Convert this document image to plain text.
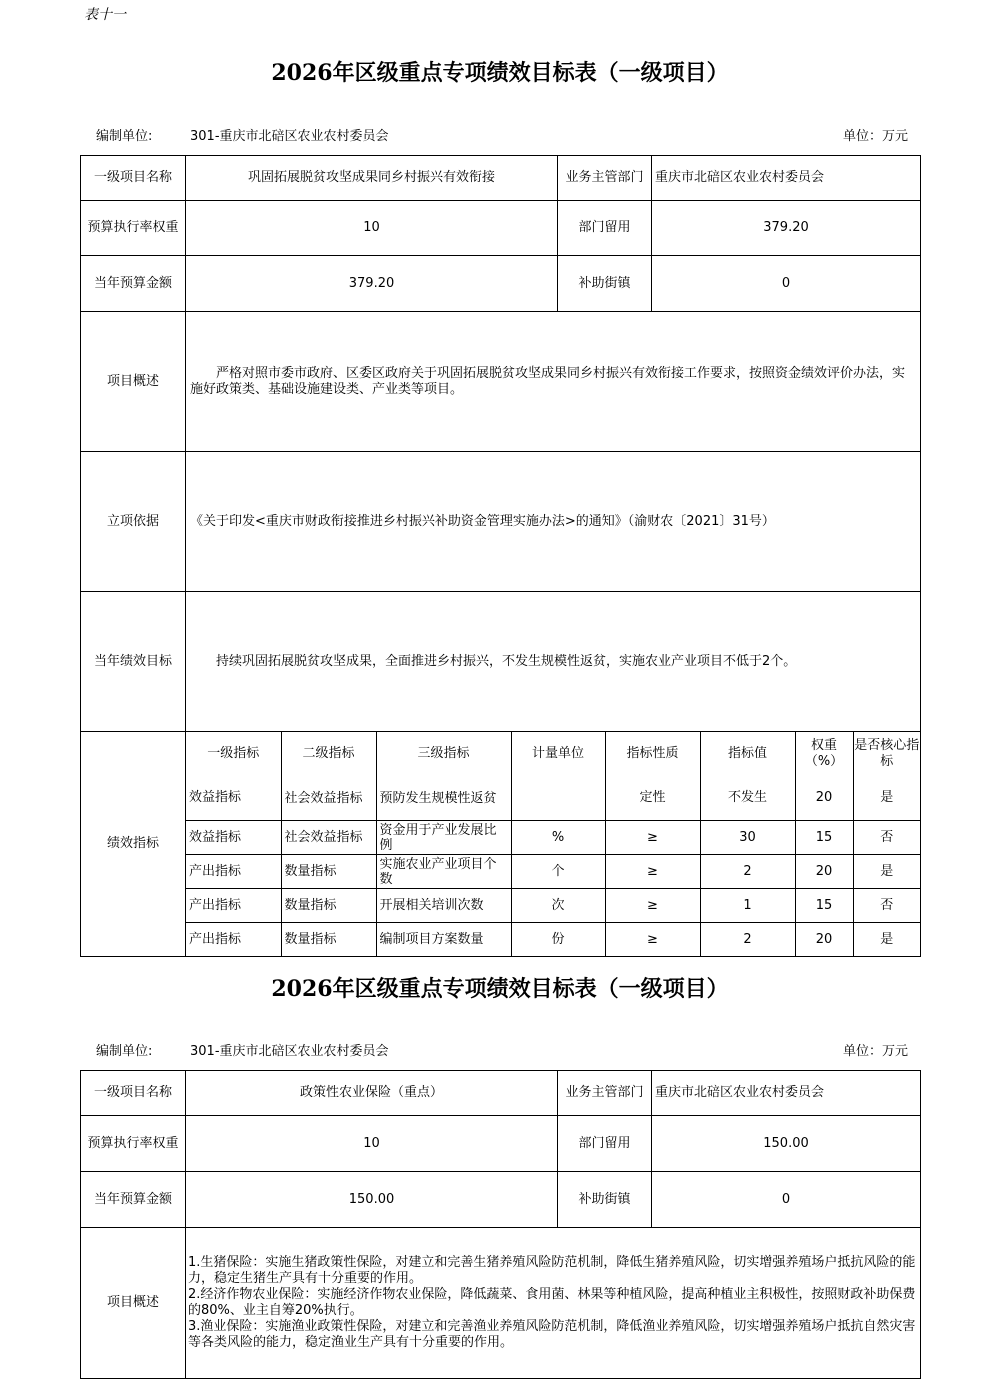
表十一
2026年区级重点专项绩效目标表（一级项目）
编制单位:	301-重庆市北碚区农业农村委员会	单位：万元
一级项目名称	巩固拓展脱贫攻坚成果同乡村振兴有效衔接	业务主管部门	重庆市北碚区农业农村委员会
预算执行率权重	10	部门留用	379.20
当年预算金额	379.20	补助街镇	0
项目概述	　　严格对照市委市政府、区委区政府关于巩固拓展脱贫攻坚成果同乡村振兴有效衔接工作要求，按照资金绩效评价办法，实施好政策类、基础设施建设类、产业类等项目。
立项依据	《关于印发<重庆市财政衔接推进乡村振兴补助资金管理实施办法>的通知》（渝财农〔2021〕31号）
当年绩效目标	　　持续巩固拓展脱贫攻坚成果，全面推进乡村振兴，不发生规模性返贫，实施农业产业项目不低于2个。
绩效指标	
一级指标	二级指标	三级指标	计量单位	指标性质	指标值	权重（%）	是否核心指标
效益指标	社会效益指标	预防发生规模性返贫		定性	不发生	20	是
效益指标	社会效益指标	资金用于产业发展比例	%	≥	30	15	否
产出指标	数量指标	实施农业产业项目个数	个	≥	2	20	是
产出指标	数量指标	开展相关培训次数	次	≥	1	15	否
产出指标	数量指标	编制项目方案数量	份	≥	2	20	是
2026年区级重点专项绩效目标表（一级项目）
编制单位:	301-重庆市北碚区农业农村委员会	单位：万元
一级项目名称	政策性农业保险（重点）	业务主管部门	重庆市北碚区农业农村委员会
预算执行率权重	10	部门留用	150.00
当年预算金额	150.00	补助街镇	0
项目概述	1.生猪保险：实施生猪政策性保险，对建立和完善生猪养殖风险防范机制，降低生猪养殖风险，切实增强养殖场户抵抗风险的能力，稳定生猪生产具有十分重要的作用。
2.经济作物农业保险：实施经济作物农业保险，降低蔬菜、食用菌、林果等种植风险，提高种植业主积极性，按照财政补助保费的80%、业主自筹20%执行。
3.渔业保险：实施渔业政策性保险，对建立和完善渔业养殖风险防范机制，降低渔业养殖风险，切实增强养殖场户抵抗自然灾害等各类风险的能力，稳定渔业生产具有十分重要的作用。		
